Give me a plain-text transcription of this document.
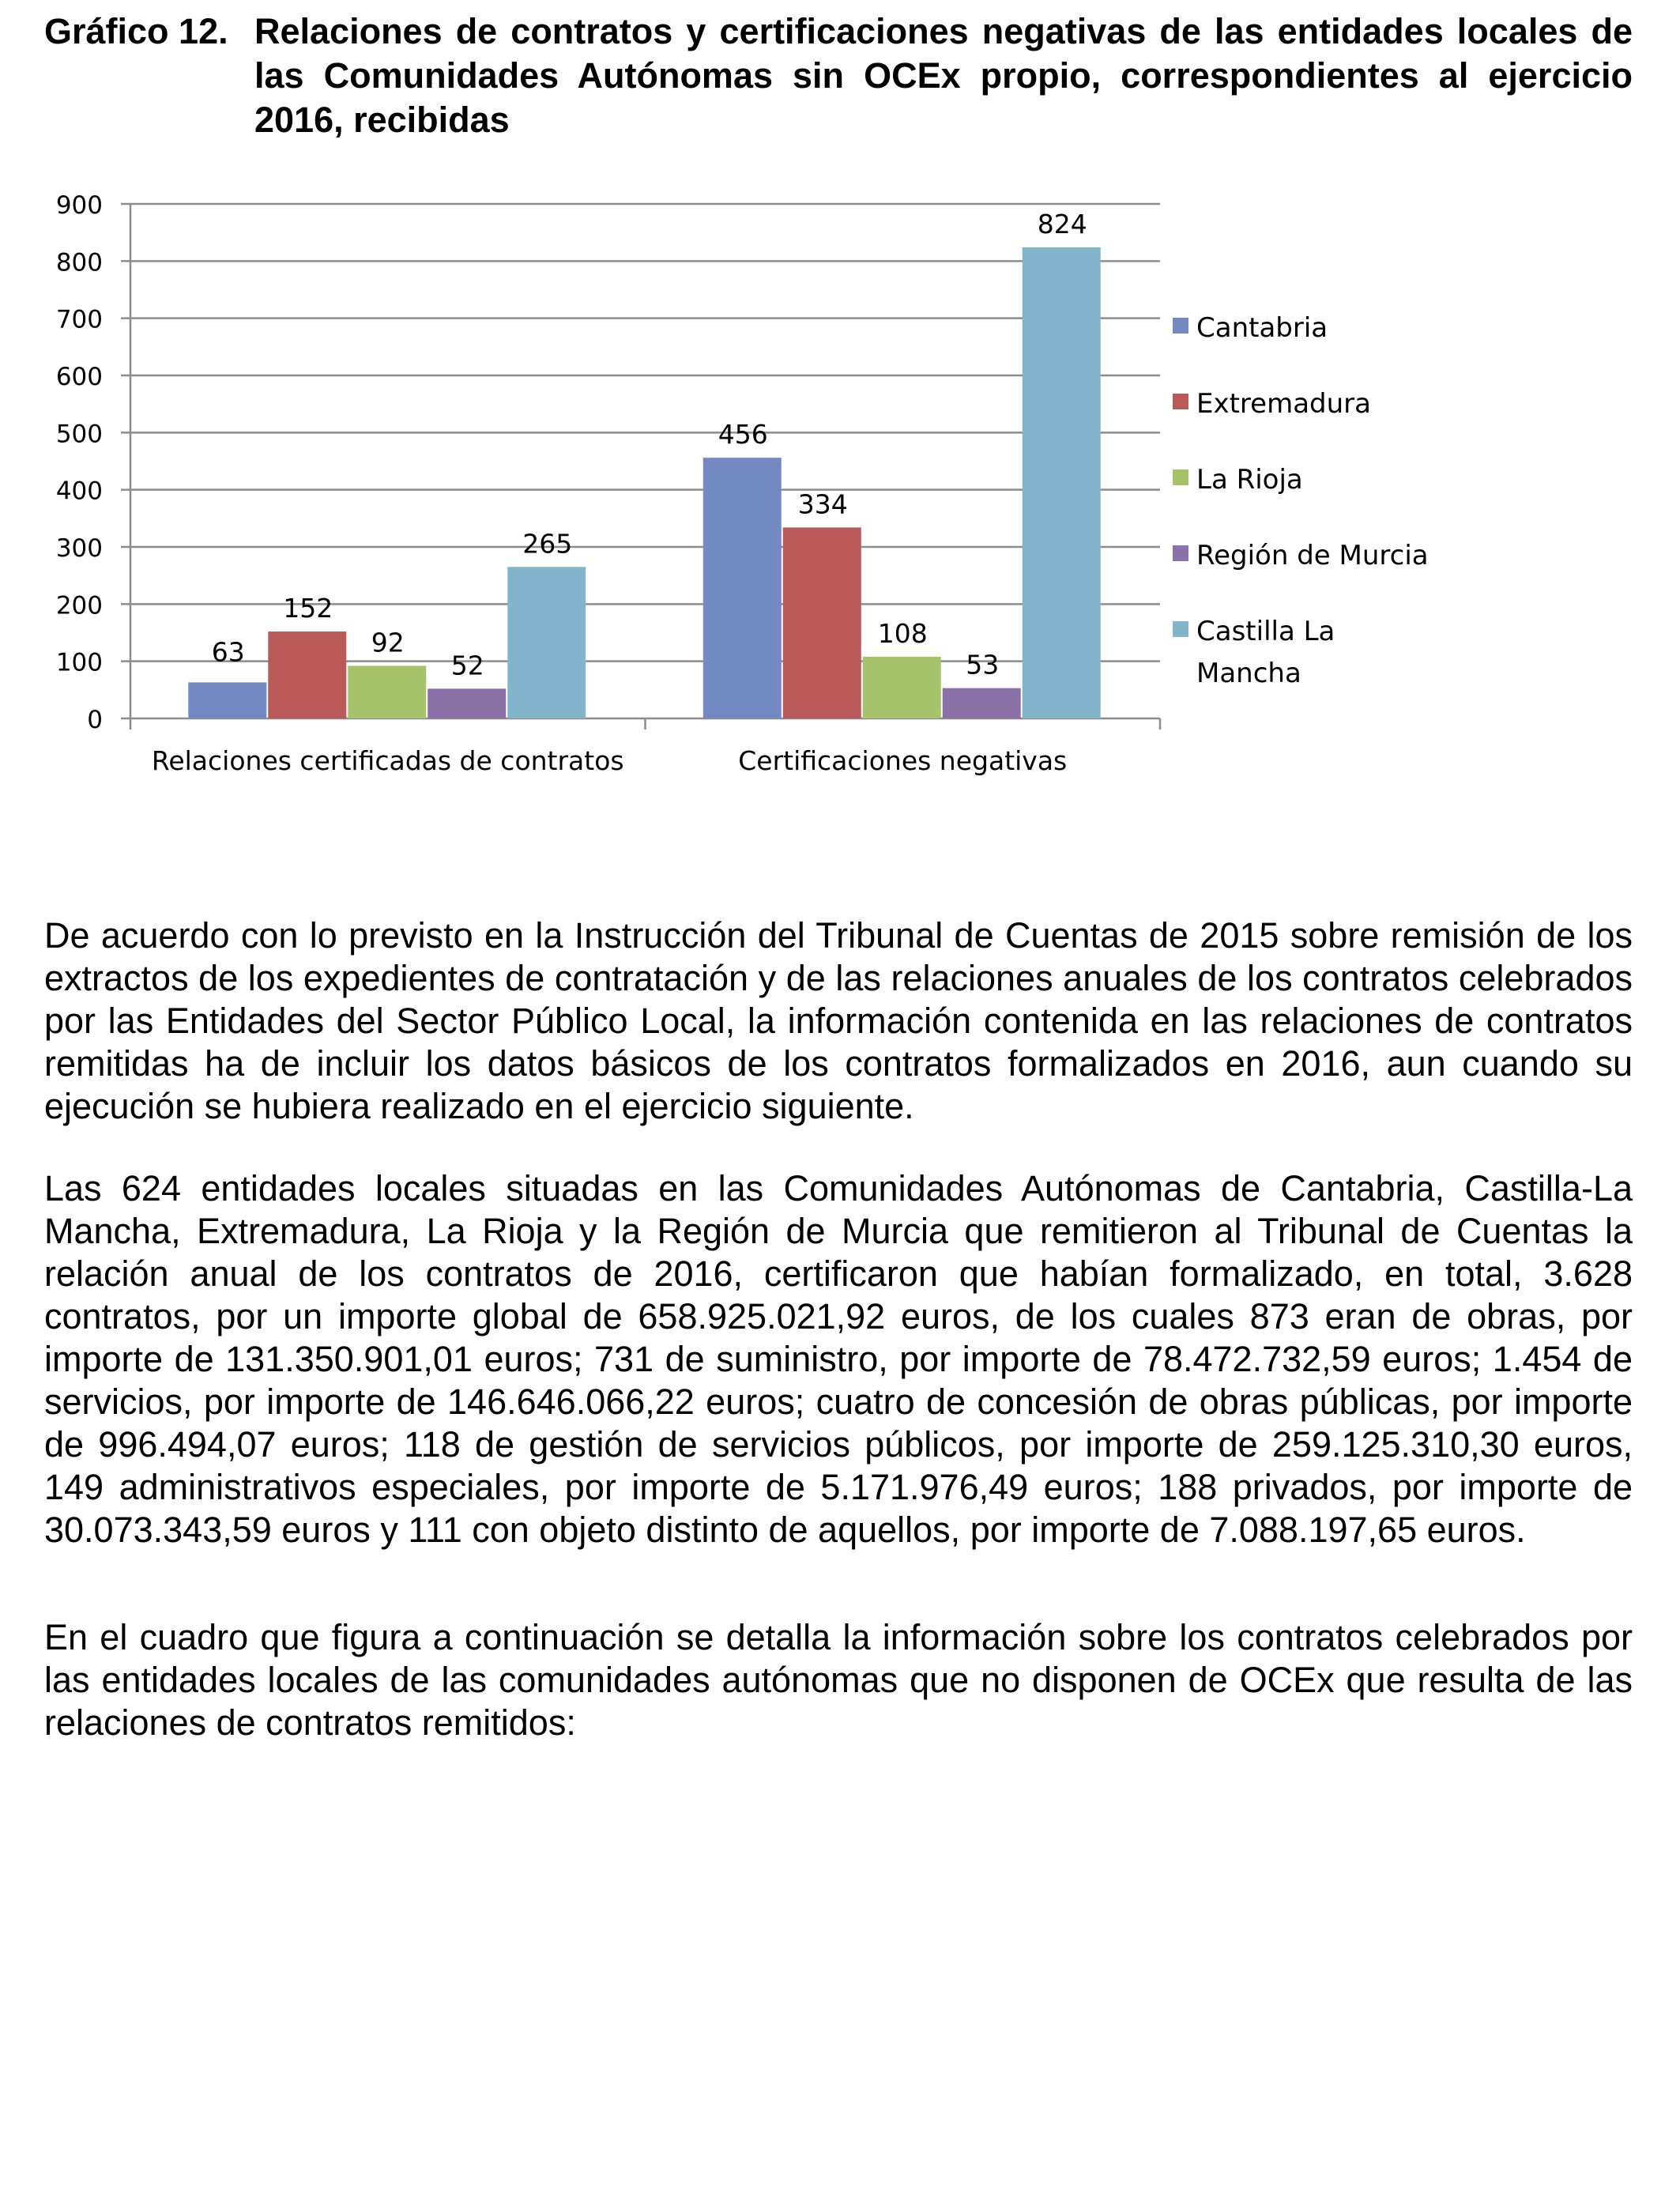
Gráfico 12. Relaciones de contratos y certificaciones negativas de las entidades locales de las Comunidades Autónomas sin OCEx propio, correspondientes al ejercicio 2016, recibidas
0
100
200
300
400
500
600
700
800
900
63
152
92
52
265
Relaciones certificadas de contratos
456
334
108
53
824
Certificaciones negativas
Cantabria
Extremadura
La Rioja
Región de Murcia
Castilla La
Mancha

De acuerdo con lo previsto en la Instrucción del Tribunal de Cuentas de 2015 sobre remisión de los extractos de los expedientes de contratación y de las relaciones anuales de los contratos celebrados por las Entidades del Sector Público Local, la información contenida en las relaciones de contratos remitidas ha de incluir los datos básicos de los contratos formalizados en 2016, aun cuando su ejecución se hubiera realizado en el ejercicio siguiente.

Las 624 entidades locales situadas en las Comunidades Autónomas de Cantabria, Castilla-La Mancha, Extremadura, La Rioja y la Región de Murcia que remitieron al Tribunal de Cuentas la relación anual de los contratos de 2016, certificaron que habían formalizado, en total, 3.628 contratos, por un importe global de 658.925.021,92 euros, de los cuales 873 eran de obras, por importe de 131.350.901,01 euros; 731 de suministro, por importe de 78.472.732,59 euros; 1.454 de servicios, por importe de 146.646.066,22 euros; cuatro de concesión de obras públicas, por importe de 996.494,07 euros; 118 de gestión de servicios públicos, por importe de 259.125.310,30 euros, 149 administrativos especiales, por importe de 5.171.976,49 euros; 188 privados, por importe de 30.073.343,59 euros y 111 con objeto distinto de aquellos, por importe de 7.088.197,65 euros.

En el cuadro que figura a continuación se detalla la información sobre los contratos celebrados por las entidades locales de las comunidades autónomas que no disponen de OCEx que resulta de las relaciones de contratos remitidos:
